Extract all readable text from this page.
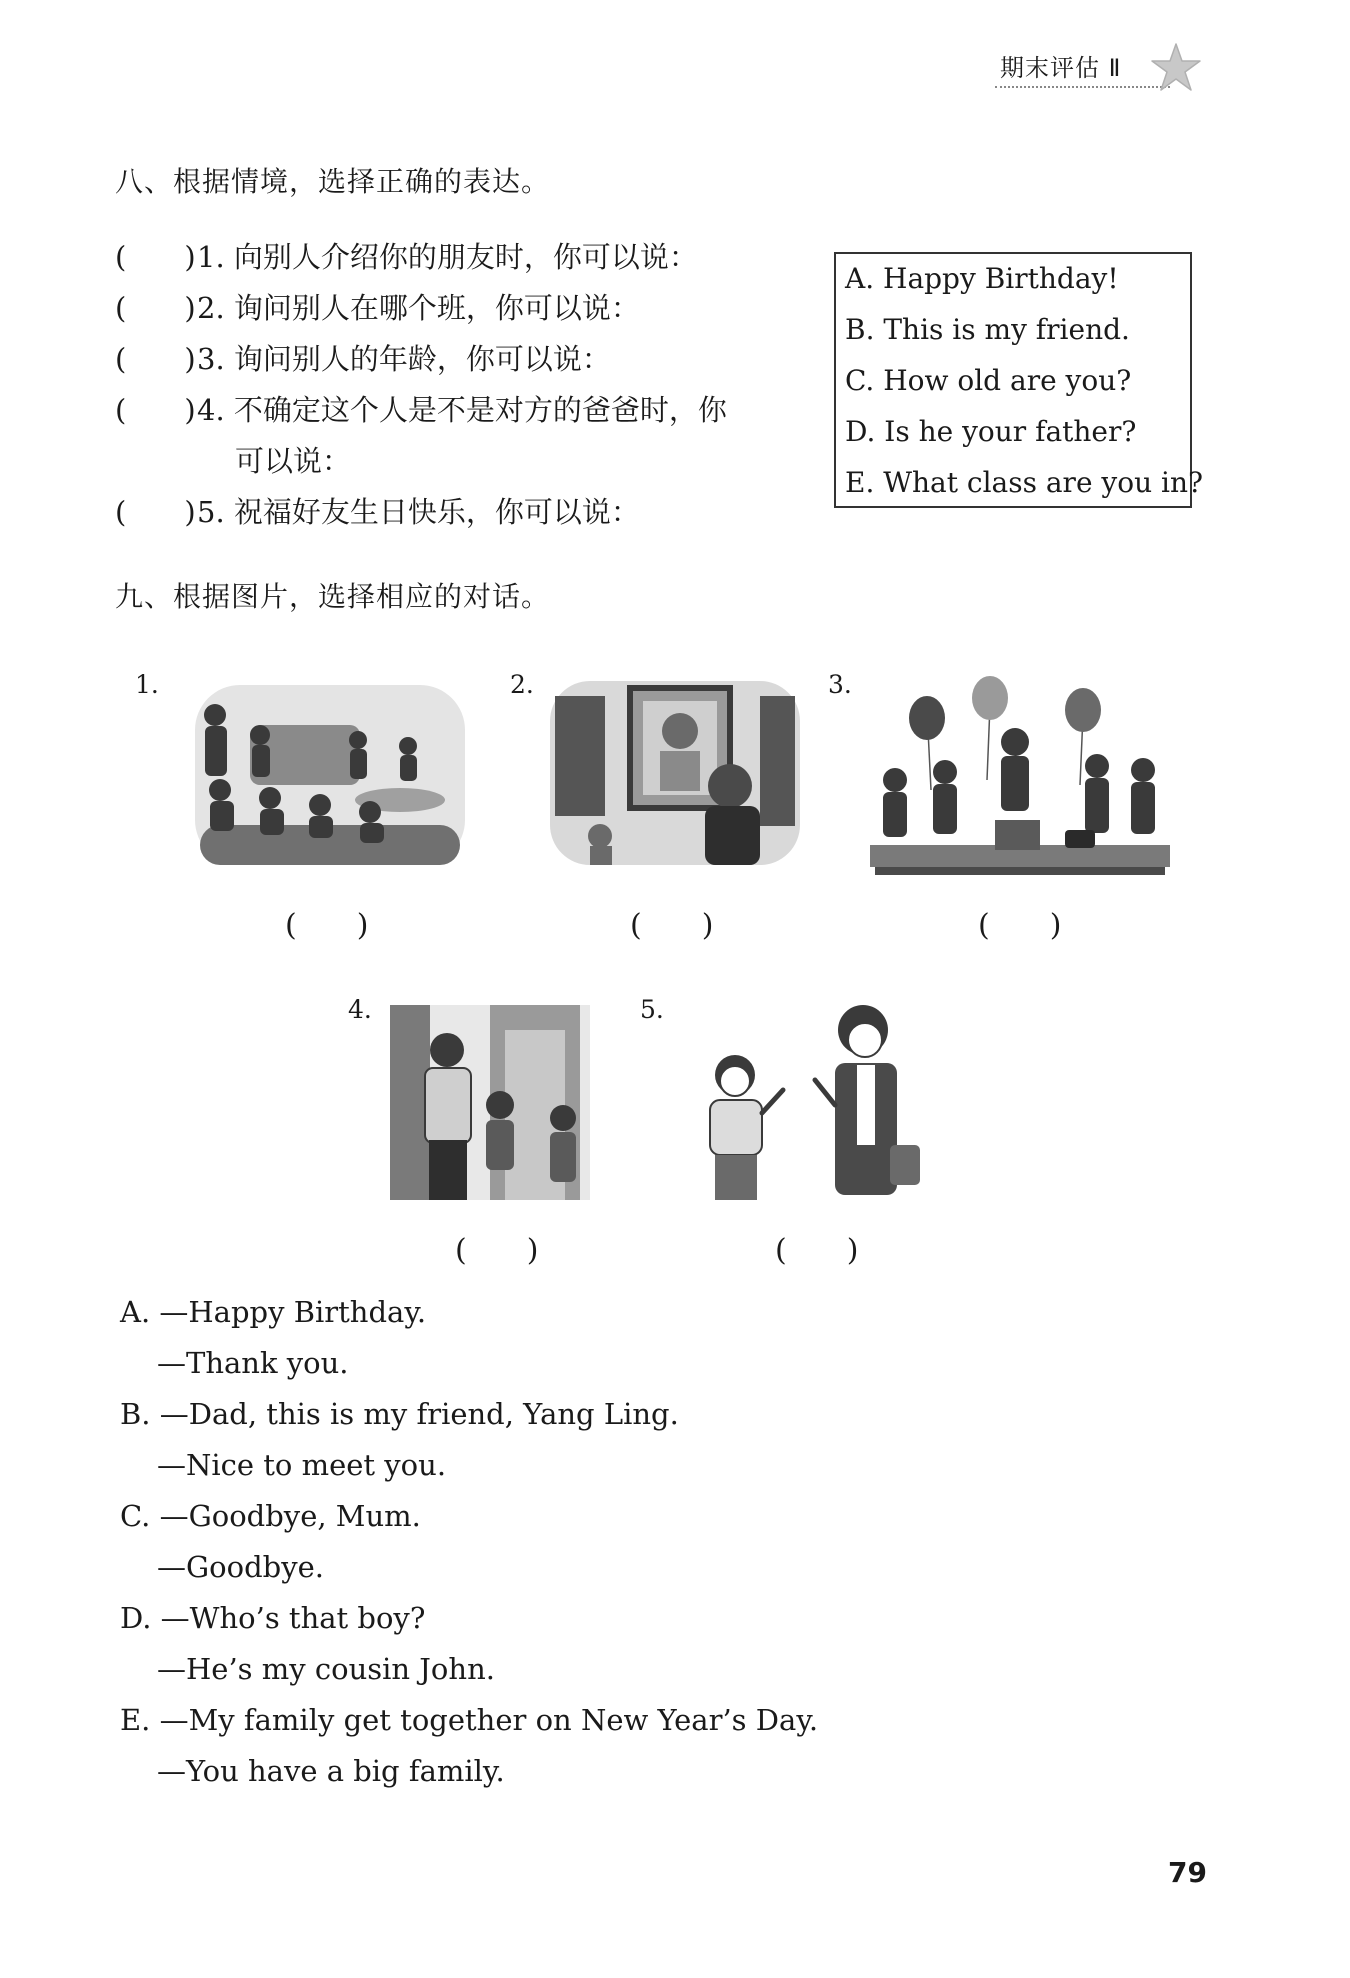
期末评估 Ⅱ
八、根据情境，选择正确的表达。
(　　)1. 向别人介绍你的朋友时，你可以说：
(　　)2. 询问别人在哪个班，你可以说：
(　　)3. 询问别人的年龄，你可以说：
(　　)4. 不确定这个人是不是对方的爸爸时，你
可以说：
(　　)5. 祝福好友生日快乐，你可以说：
A. Happy Birthday!
B. This is my friend.
C. How old are you?
D. Is he your father?
E. What class are you in?
九、根据图片，选择相应的对话。
1.
(　　)
2.
(　　)
3.
(　　)
4.
(　　)
5.
(　　)
A. —Happy Birthday.
—Thank you.
B. —Dad, this is my friend, Yang Ling.
—Nice to meet you.
C. —Goodbye, Mum.
—Goodbye.
D. —Who’s that boy?
—He’s my cousin John.
E. —My family get together on New Year’s Day.
—You have a big family.
79
